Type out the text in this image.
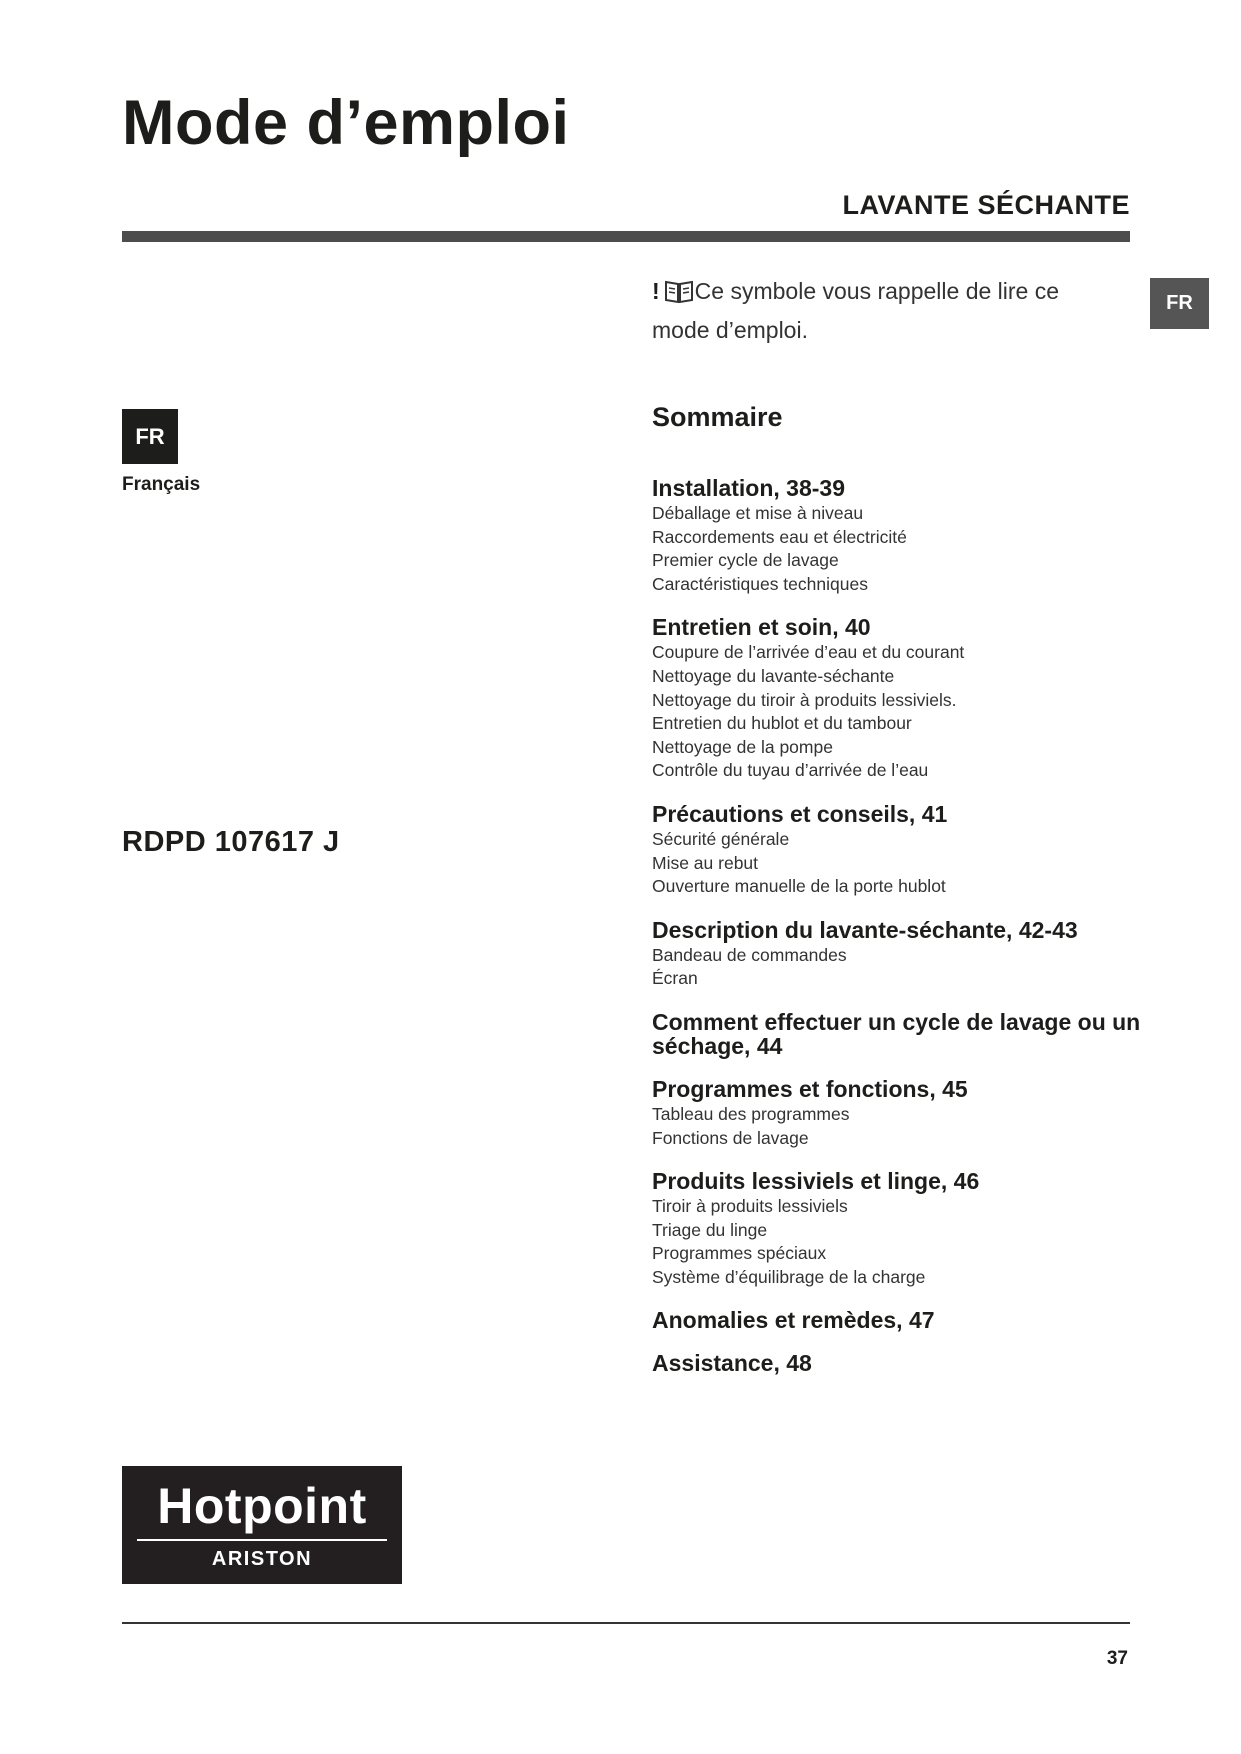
Mode d’emploi
LAVANTE SÉCHANTE
FR
FR
Français
RDPD 107617 J
! Ce symbole vous rappelle de lire ce mode d’emploi.
Sommaire
Installation, 38-39
Déballage et mise à niveau
Raccordements eau et électricité
Premier cycle de lavage
Caractéristiques techniques
Entretien et soin, 40
Coupure de l’arrivée d’eau et du courant
Nettoyage du lavante-séchante
Nettoyage du tiroir à produits lessiviels.
Entretien du hublot et du tambour
Nettoyage de la pompe
Contrôle du tuyau d’arrivée de l’eau
Précautions et conseils, 41
Sécurité générale
Mise au rebut
Ouverture manuelle de la porte hublot
Description du lavante-séchante, 42-43
Bandeau de commandes
Écran
Comment effectuer un cycle de lavage ou un séchage, 44
Programmes et fonctions, 45
Tableau des programmes
Fonctions de lavage
Produits lessiviels et linge, 46
Tiroir à produits lessiviels
Triage du linge
Programmes spéciaux
Système d’équilibrage de la charge
Anomalies et remèdes, 47
Assistance, 48
Hotpoint
ARISTON
37
